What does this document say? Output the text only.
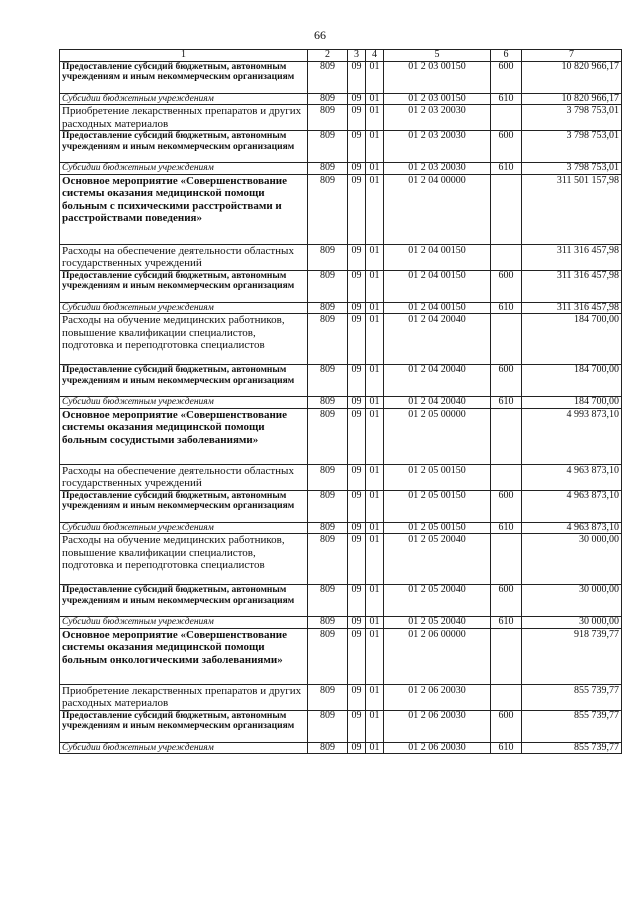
66
1	2	3	4	5	6	7
Предоставление субсидий бюджетным, автономным учреждениям и иным некоммерческим организациям	809	09	01	01 2 03 00150	600	10 820 966,17
Субсидии бюджетным учреждениям	809	09	01	01 2 03 00150	610	10 820 966,17
Приобретение лекарственных препаратов и других расходных материалов	809	09	01	01 2 03 20030		3 798 753,01
Предоставление субсидий бюджетным, автономным учреждениям и иным некоммерческим организациям	809	09	01	01 2 03 20030	600	3 798 753,01
Субсидии бюджетным учреждениям	809	09	01	01 2 03 20030	610	3 798 753,01
Основное мероприятие «Совершенствование системы оказания медицинской помощи больным с психическими расстройствами и расстройствами поведения»	809	09	01	01 2 04 00000		311 501 157,98
Расходы на обеспечение деятельности областных государственных учреждений	809	09	01	01 2 04 00150		311 316 457,98
Предоставление субсидий бюджетным, автономным учреждениям и иным некоммерческим организациям	809	09	01	01 2 04 00150	600	311 316 457,98
Субсидии бюджетным учреждениям	809	09	01	01 2 04 00150	610	311 316 457,98
Расходы на обучение медицинских работников, повышение квалификации специалистов, подготовка и переподготовка специалистов	809	09	01	01 2 04 20040		184 700,00
Предоставление субсидий бюджетным, автономным учреждениям и иным некоммерческим организациям	809	09	01	01 2 04 20040	600	184 700,00
Субсидии бюджетным учреждениям	809	09	01	01 2 04 20040	610	184 700,00
Основное мероприятие «Совершенствование системы оказания медицинской помощи больным сосудистыми заболеваниями»	809	09	01	01 2 05 00000		4 993 873,10
Расходы на обеспечение деятельности областных государственных учреждений	809	09	01	01 2 05 00150		4 963 873,10
Предоставление субсидий бюджетным, автономным учреждениям и иным некоммерческим организациям	809	09	01	01 2 05 00150	600	4 963 873,10
Субсидии бюджетным учреждениям	809	09	01	01 2 05 00150	610	4 963 873,10
Расходы на обучение медицинских работников, повышение квалификации специалистов, подготовка и переподготовка специалистов	809	09	01	01 2 05 20040		30 000,00
Предоставление субсидий бюджетным, автономным учреждениям и иным некоммерческим организациям	809	09	01	01 2 05 20040	600	30 000,00
Субсидии бюджетным учреждениям	809	09	01	01 2 05 20040	610	30 000,00
Основное мероприятие «Совершенствование системы оказания медицинской помощи больным онкологическими заболеваниями»	809	09	01	01 2 06 00000		918 739,77
Приобретение лекарственных препаратов и других расходных материалов	809	09	01	01 2 06 20030		855 739,77
Предоставление субсидий бюджетным, автономным учреждениям и иным некоммерческим организациям	809	09	01	01 2 06 20030	600	855 739,77
Субсидии бюджетным учреждениям	809	09	01	01 2 06 20030	610	855 739,77
